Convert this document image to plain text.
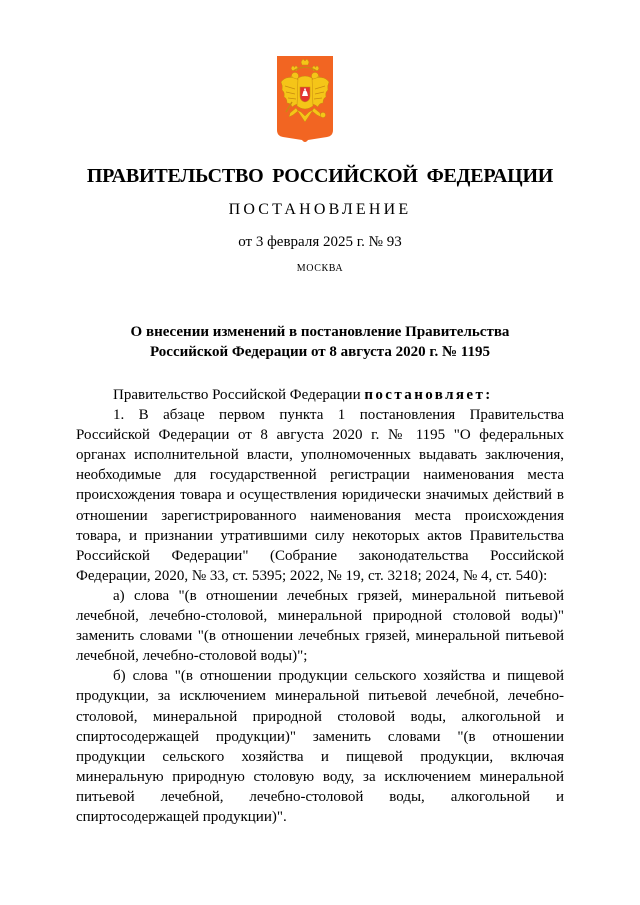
ПРАВИТЕЛЬСТВО РОССИЙСКОЙ ФЕДЕРАЦИИ
ПОСТАНОВЛЕНИЕ
от 3 февраля 2025 г. № 93
МОСКВА
О внесении изменений в постановление Правительства
Российской Федерации от 8 августа 2020 г. № 1195

Правительство Российской Федерации постановляет:

1. В абзаце первом пункта 1 постановления Правительства Российской Федерации от 8 августа 2020 г. № 1195 "О федеральных органах исполнительной власти, уполномоченных выдавать заключения, необходимые для государственной регистрации наименования места происхождения товара и осуществления юридически значимых действий в отношении зарегистрированного наименования места происхождения товара, и признании утратившими силу некоторых актов Правительства Российской Федерации" (Собрание законодательства Российской Федерации, 2020, № 33, ст. 5395; 2022, № 19, ст. 3218; 2024, № 4, ст. 540):

а) слова "(в отношении лечебных грязей, минеральной питьевой лечебной, лечебно-столовой, минеральной природной столовой воды)" заменить словами "(в отношении лечебных грязей, минеральной питьевой лечебной, лечебно-столовой воды)";

б) слова "(в отношении продукции сельского хозяйства и пищевой продукции, за исключением минеральной питьевой лечебной, лечебно-столовой, минеральной природной столовой воды, алкогольной и спиртосодержащей продукции)" заменить словами "(в отношении продукции сельского хозяйства и пищевой продукции, включая минеральную природную столовую воду, за исключением минеральной питьевой лечебной, лечебно-столовой воды, алкогольной и спиртосодержащей продукции)".
